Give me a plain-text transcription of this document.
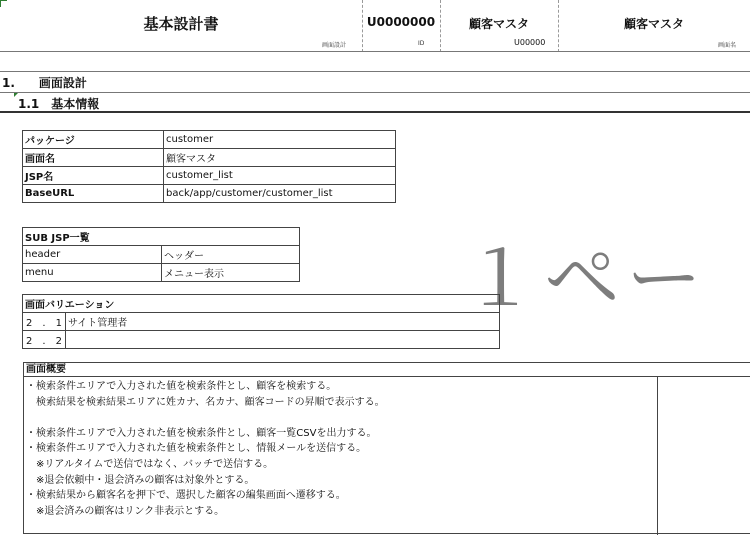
基本設計書
画面設計
U0000000
ID
顧客マスタ
U00000
顧客マスタ
画面名
1.　　画面設計
1.1　基本情報
パッケージ	customer
画面名	顧客マスタ
JSP名	customer_list
BaseURL	back/app/customer/customer_list
SUB JSP一覧	
header	ヘッダー
menu	メニュー表示	１ペー
画面バリエーション	
2　.　1	サイト管理者
2　.　2	
画面概要
・検索条件エリアで入力された値を検索条件とし、顧客を検索する。
　検索結果を検索結果エリアに姓カナ、名カナ、顧客コードの昇順で表示する。
・検索条件エリアで入力された値を検索条件とし、顧客一覧CSVを出力する。
・検索条件エリアで入力された値を検索条件とし、情報メールを送信する。
　※リアルタイムで送信ではなく、バッチで送信する。
　※退会依頼中・退会済みの顧客は対象外とする。
・検索結果から顧客名を押下で、選択した顧客の編集画面へ遷移する。
　※退会済みの顧客はリンク非表示とする。
